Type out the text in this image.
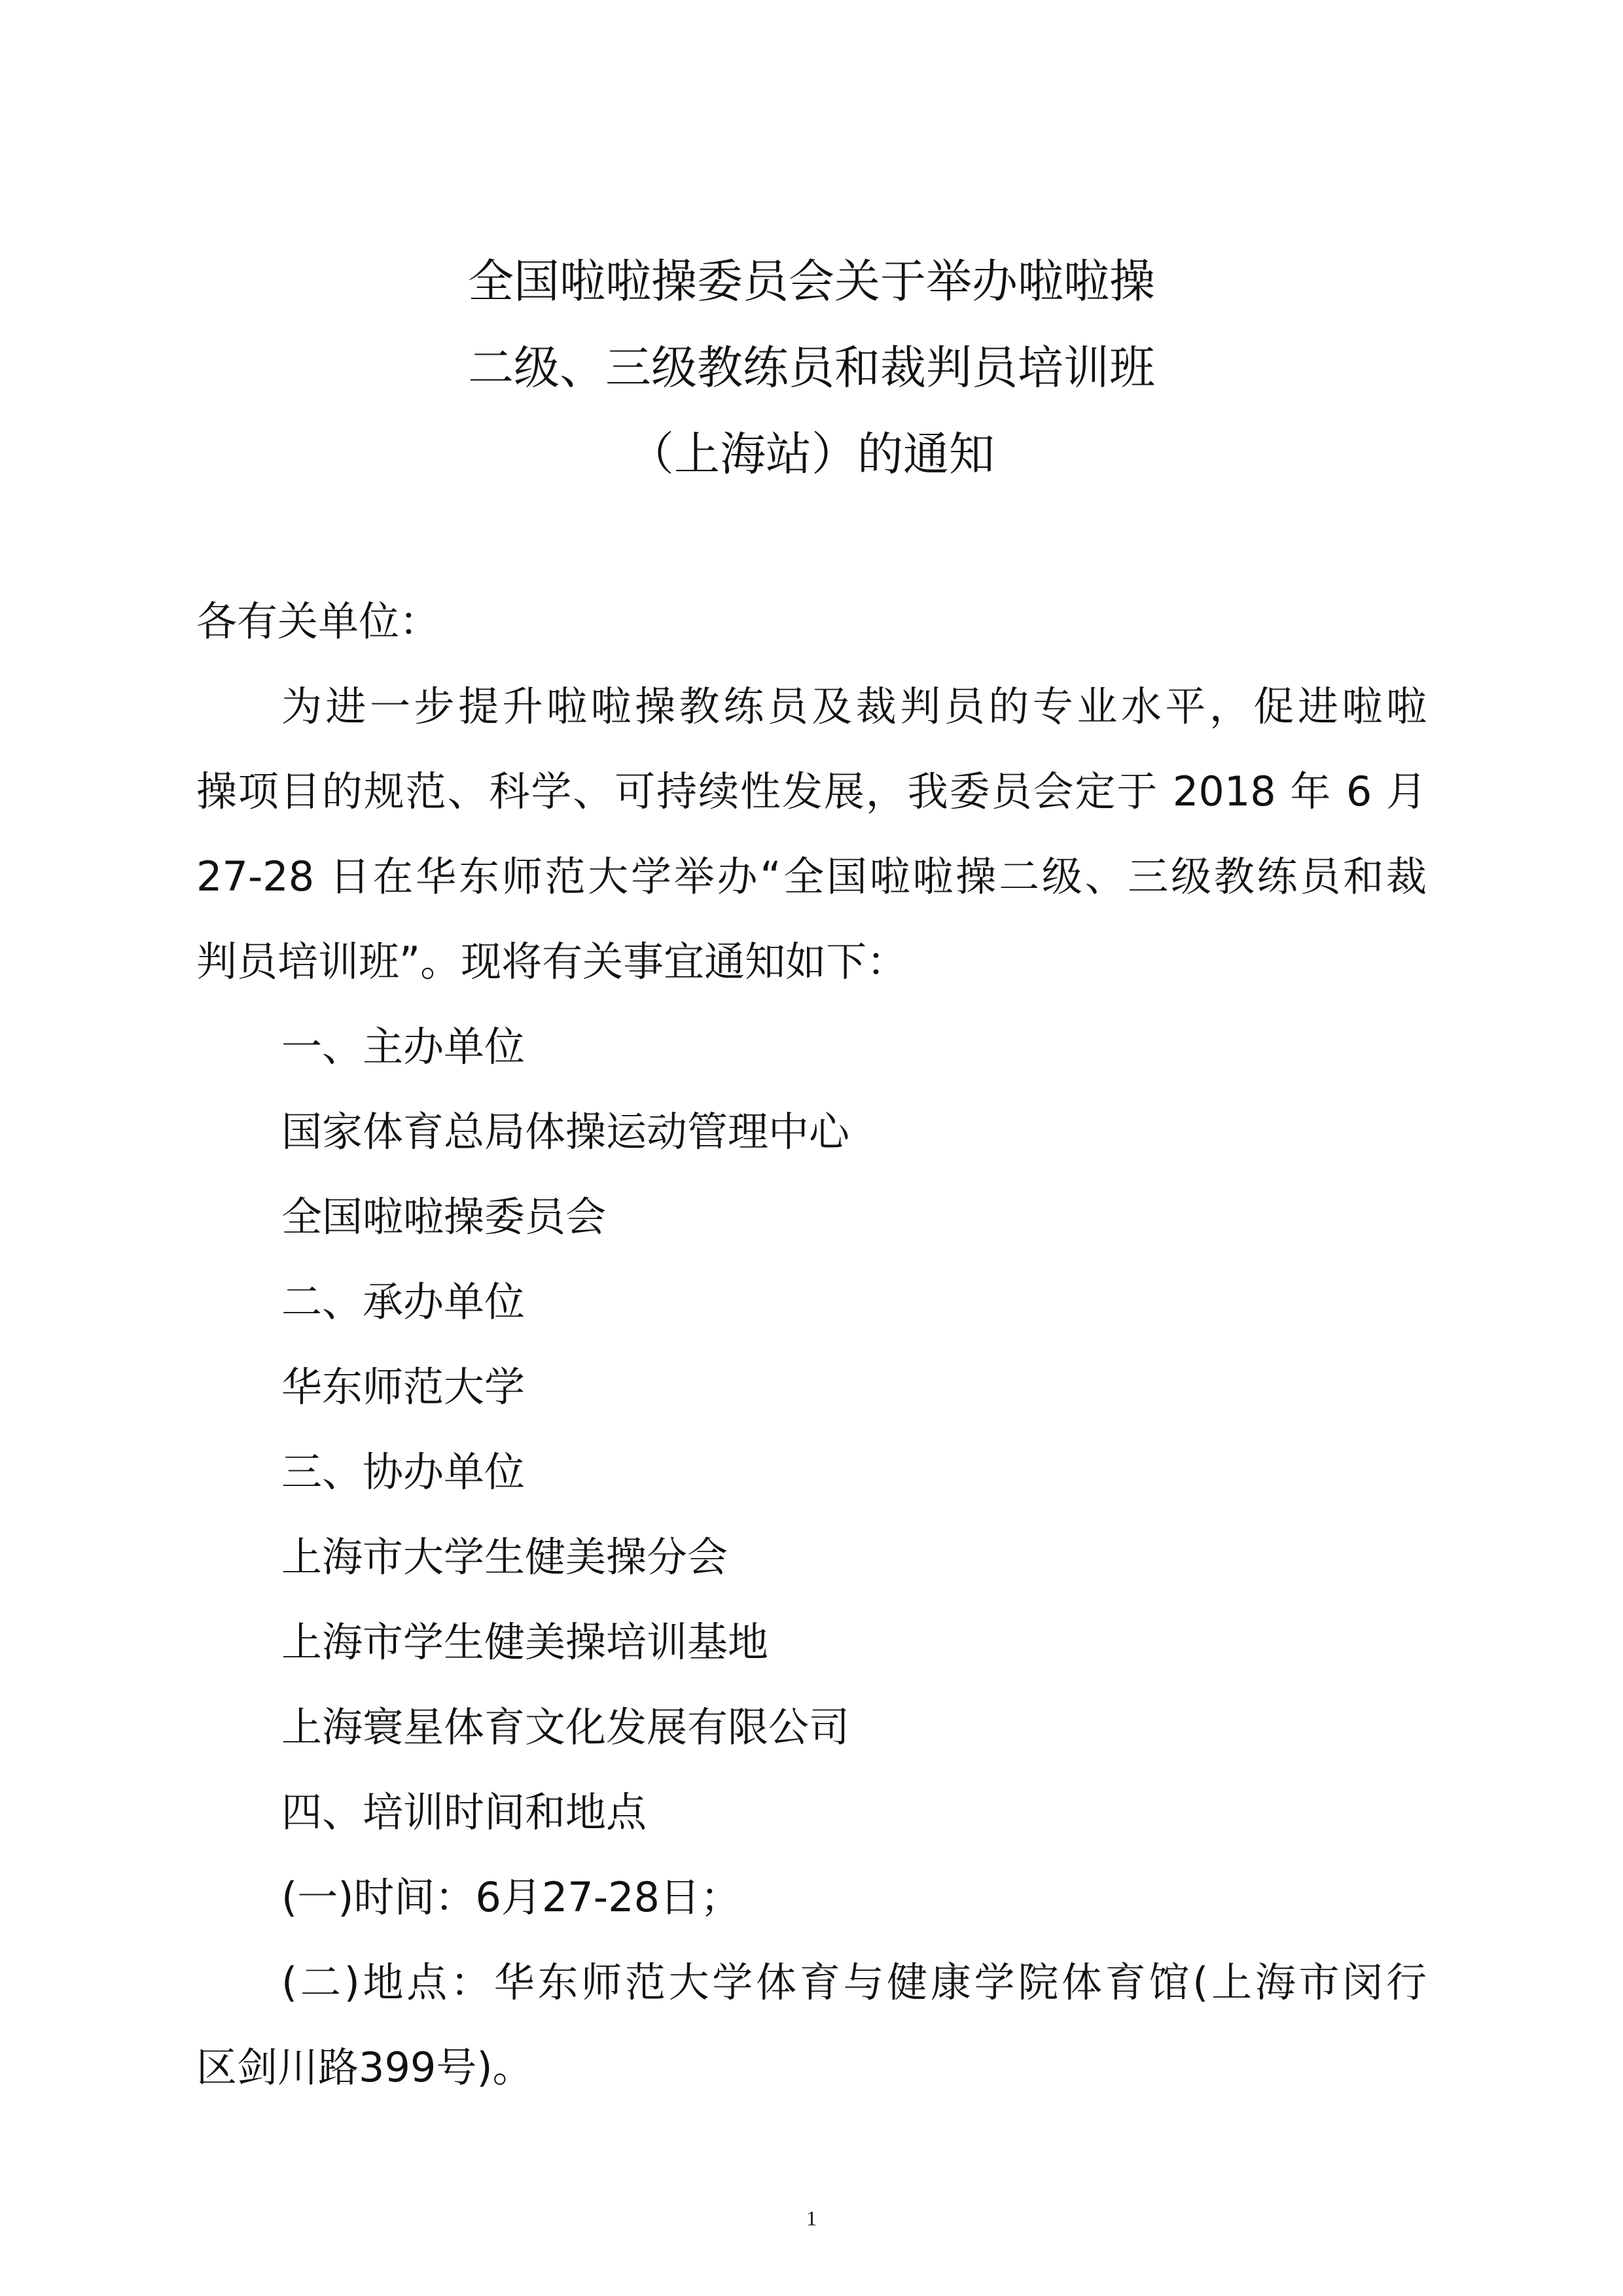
全国啦啦操委员会关于举办啦啦操
二级、三级教练员和裁判员培训班
（上海站）的通知
各有关单位：
为进一步提升啦啦操教练员及裁判员的专业水平，促进啦啦
操项目的规范、科学、可持续性发展，我委员会定于 2018 年 6 月
27-28 日在华东师范大学举办“全国啦啦操二级、三级教练员和裁
判员培训班”。现将有关事宜通知如下：
一、主办单位
国家体育总局体操运动管理中心
全国啦啦操委员会
二、承办单位
华东师范大学
三、协办单位
上海市大学生健美操分会
上海市学生健美操培训基地
上海寰星体育文化发展有限公司
四、培训时间和地点
(一)时间：6月27-28日；
(二)地点：华东师范大学体育与健康学院体育馆(上海市闵行
区剑川路399号)。
1
